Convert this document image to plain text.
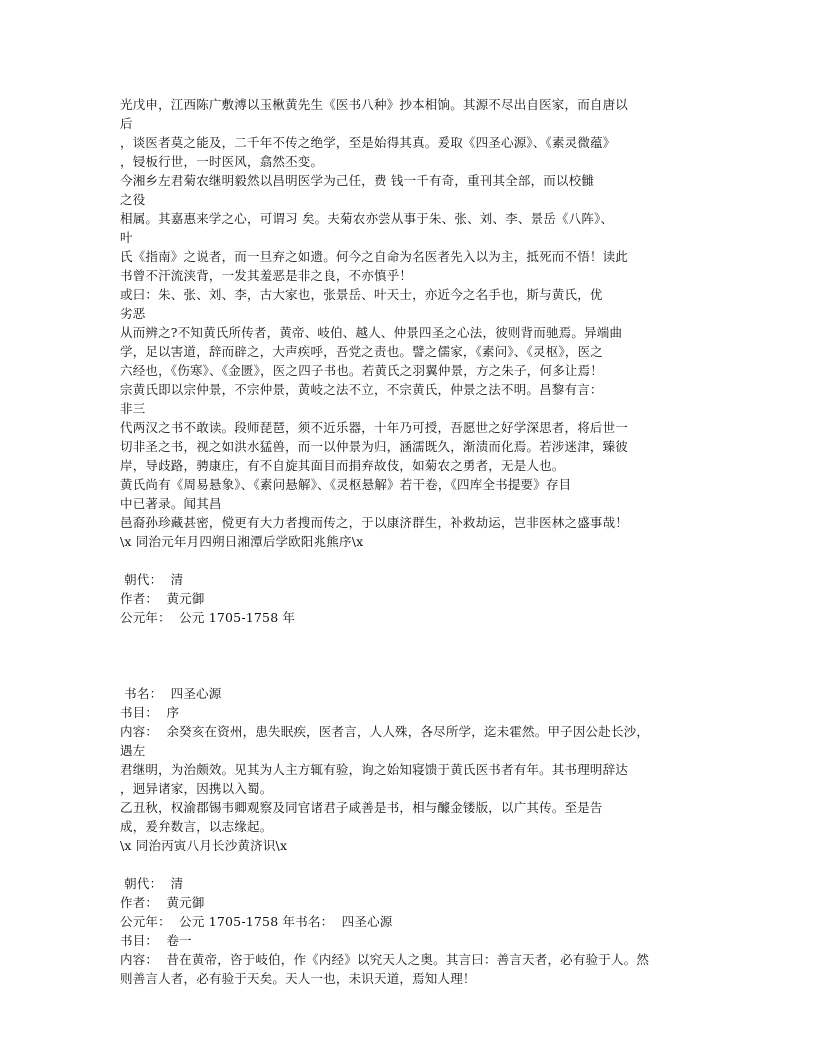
光戊申，江西陈广敷溥以玉楸黄先生《医书八种》抄本相饷。其源不尽出自医家，而自唐以
后
，谈医者莫之能及，二千年不传之绝学，至是始得其真。爰取《四圣心源》、《素灵微蕴》
，锓板行世，一时医风，翕然丕变。
今湘乡左君菊农继明毅然以昌明医学为己任，费 钱一千有奇，重刊其全部，而以校雠
之役
相属。其嘉惠来学之心，可谓习 矣。夫菊农亦尝从事于朱、张、刘、李、景岳《八阵》、
叶
氏《指南》之说者，而一旦弃之如遗。何今之自命为名医者先入以为主，抵死而不悟！读此
书曾不汗流浃背，一发其羞恶是非之良，不亦慎乎！
或曰：朱、张、刘、李，古大家也，张景岳、叶天士，亦近今之名手也，斯与黄氏，优
劣恶
从而辨之?不知黄氏所传者，黄帝、岐伯、越人、仲景四圣之心法，彼则背而驰焉。异端曲
学，足以害道，辞而辟之，大声疾呼，吾党之责也。譬之儒家，《素问》、《灵枢》，医之
六经也，《伤寒》、《金匮》，医之四子书也。若黄氏之羽翼仲景，方之朱子，何多让焉！
宗黄氏即以宗仲景，不宗仲景，黄岐之法不立，不宗黄氏，仲景之法不明。昌黎有言：
非三
代两汉之书不敢读。段师琵琶，须不近乐器，十年乃可授，吾愿世之好学深思者，将后世一
切非圣之书，视之如洪水猛兽，而一以仲景为归，涵濡既久，渐渍而化焉。若涉迷津，臻彼
岸，导歧路，骋康庄，有不自旋其面目而捐弃故伎，如菊农之勇者，无是人也。
黄氏尚有《周易悬象》、《素问悬解》、《灵枢悬解》若干卷，《四库全书提要》存目
中已著录。闻其昌
邑裔孙珍藏甚密，傥更有大力者搜而传之，于以康济群生，补救劫运，岂非医林之盛事哉！
\x 同治元年月四朔日湘潭后学欧阳兆熊序\x
朝代：  清
作者：  黄元御
公元年：  公元 1705-1758 年
书名：  四圣心源
书目：  序
内容：  余癸亥在资州，患失眠疾，医者言，人人殊，各尽所学，迄未霍然。甲子因公赴长沙，
遇左
君继明，为治颇效。见其为人主方辄有验，询之始知寝馈于黄氏医书者有年。其书理明辞达
，迥异诸家，因携以入蜀。
乙丑秋，权渝郡锡韦卿观察及同官诸君子咸善是书，相与醵金镂版，以广其传。至是告
成，爰弁数言，以志缘起。
\x 同治丙寅八月长沙黄济识\x
朝代：  清
作者：  黄元御
公元年：  公元 1705-1758 年书名：  四圣心源
书目：  卷一
内容：  昔在黄帝，咨于岐伯，作《内经》以究天人之奥。其言曰：善言天者，必有验于人。然
则善言人者，必有验于天矣。天人一也，未识天道，焉知人理！
